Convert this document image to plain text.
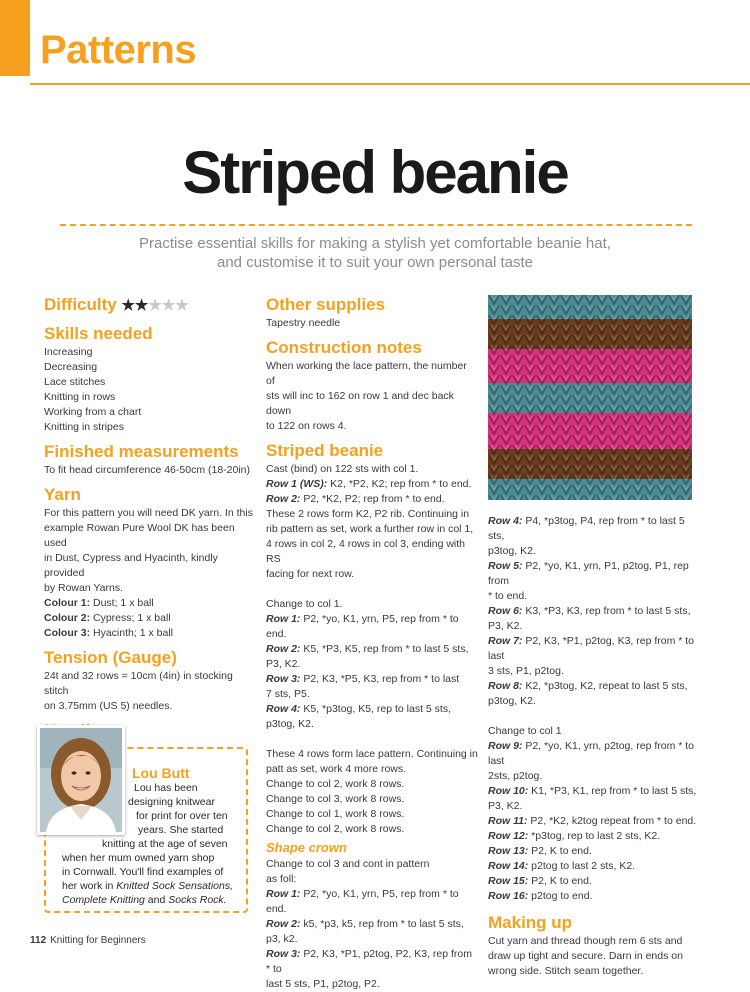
Patterns
Striped beanie
Practise essential skills for making a stylish yet comfortable beanie hat,
and customise it to suit your own personal taste
Difficulty ★★★★★
Skills needed
Increasing
Decreasing
Lace stitches
Knitting in rows
Working from a chart
Knitting in stripes
Finished measurements
To fit head circumference 46-50cm (18-20in)
Yarn
For this pattern you will need DK yarn. In this
example Rowan Pure Wool DK has been used
in Dust, Cypress and Hyacinth, kindly provided
by Rowan Yarns.
Colour 1: Dust; 1 x ball
Colour 2: Cypress; 1 x ball
Colour 3: Hyacinth; 1 x ball
Tension (Gauge)
24t and 32 rows = 10cm (4in) in stocking stitch
on 3.75mm (US 5) needles.
Lou Butt
Lou has been
designing knitwear
for print for over ten
years. She started
knitting at the age of seven
when her mum owned yarn shop
in Cornwall. You'll find examples of
her work in Knitted Sock Sensations,
Complete Knitting and Socks Rock.
Other supplies
Tapestry needle
Construction notes
When working the lace pattern, the number of
sts will inc to 162 on row 1 and dec back down
to 122 on rows 4.
Striped beanie
Cast (bind) on 122 sts with col 1.
Row 1 (WS): K2, *P2, K2; rep from * to end.
Row 2: P2, *K2, P2; rep from * to end.
These 2 rows form K2, P2 rib. Continuing in
rib pattern as set, work a further row in col 1,
4 rows in col 2, 4 rows in col 3, ending with RS
facing for next row.
Change to col 1.
Row 1: P2, *yo, K1, yrn, P5, rep from * to end.
Row 2: K5, *P3, K5, rep from * to last 5 sts,
P3, K2.
Row 3: P2, K3, *P5, K3, rep from * to last
7 sts, P5.
Row 4: K5, *p3tog, K5, rep to last 5 sts,
p3tog, K2.
These 4 rows form lace pattern. Continuing in
patt as set, work 4 more rows.
Change to col 2, work 8 rows.
Change to col 3, work 8 rows.
Change to col 1, work 8 rows.
Change to col 2, work 8 rows.
Shape crown
Change to col 3 and cont in pattern
as foll:
Row 1: P2, *yo, K1, yrn, P5, rep from * to end.
Row 2: k5, *p3, k5, rep from * to last 5 sts,
p3, k2.
Row 3: P2, K3, *P1, p2tog, P2, K3, rep from * to
last 5 sts, P1, p2tog, P2.
Row 4: P4, *p3tog, P4, rep from * to last 5 sts,
p3tog, K2.
Row 5: P2, *yo, K1, yrn, P1, p2tog, P1, rep from
* to end.
Row 6: K3, *P3, K3, rep from * to last 5 sts,
P3, K2.
Row 7: P2, K3, *P1, p2tog, K3, rep from * to last
3 sts, P1, p2tog.
Row 8: K2, *p3tog, K2, repeat to last 5 sts,
p3tog, K2.
Change to col 1
Row 9: P2, *yo, K1, yrn, p2tog, rep from * to last
2sts, p2tog.
Row 10: K1, *P3, K1, rep from * to last 5 sts,
P3, K2.
Row 11: P2, *K2, k2tog repeat from * to end.
Row 12: *p3tog, rep to last 2 sts, K2.
Row 13: P2, K to end.
Row 14: p2tog to last 2 sts, K2.
Row 15: P2, K to end.
Row 16: p2tog to end.
Making up
Cut yarn and thread though rem 6 sts and
draw up tight and secure. Darn in ends on
wrong side. Stitch seam together.
112 Knitting for Beginners
